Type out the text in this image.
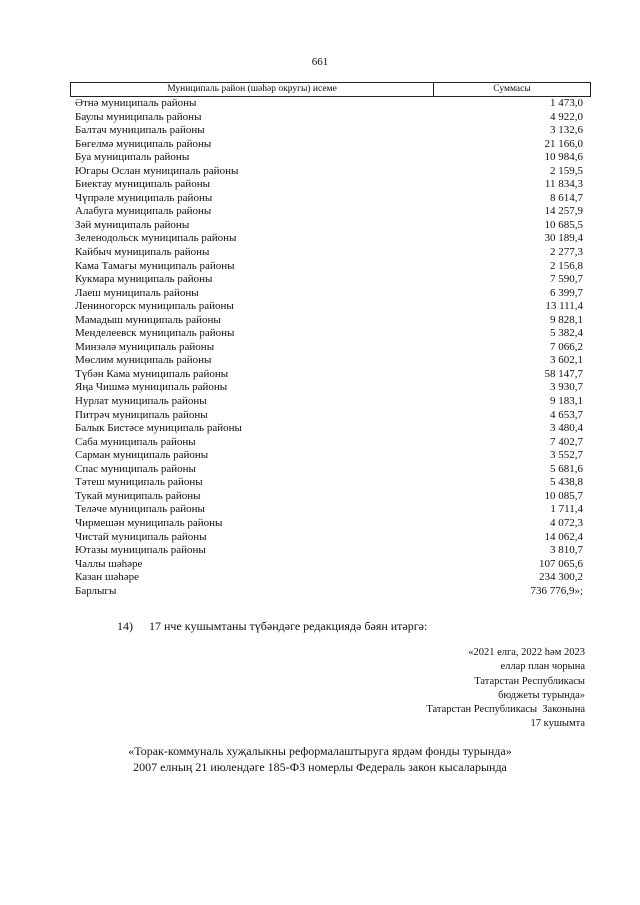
661
Муниципаль район (шәһәр округы) исеме	Суммасы
Әтнә муниципаль районы	1 473,0
Баулы муниципаль районы	4 922,0
Балтач муниципаль районы	3 132,6
Бөгелмә муниципаль районы	21 166,0
Буа муниципаль районы	10 984,6
Югары Ослан муниципаль районы	2 159,5
Биектау муниципаль районы	11 834,3
Чүпрәле муниципаль районы	8 614,7
Алабуга муниципаль районы	14 257,9
Зәй муниципаль районы	10 685,5
Зеленодольск муниципаль районы	30 189,4
Кайбыч муниципаль районы	2 277,3
Кама Тамагы муниципаль районы	2 156,8
Кукмара муниципаль районы	7 590,7
Лаеш муниципаль районы	6 399,7
Лениногорск муниципаль районы	13 111,4
Мамадыш муниципаль районы	9 828,1
Менделеевск муниципаль районы	5 382,4
Минзәлә муниципаль районы	7 066,2
Мөслим муниципаль районы	3 602,1
Түбән Кама муниципаль районы	58 147,7
Яңа Чишмә муниципаль районы	3 930,7
Нурлат муниципаль районы	9 183,1
Питрәч муниципаль районы	4 653,7
Балык Бистәсе муниципаль районы	3 480,4
Саба муниципаль районы	7 402,7
Сарман муниципаль районы	3 552,7
Спас муниципаль районы	5 681,6
Тәтеш муниципаль районы	5 438,8
Тукай муниципаль районы	10 085,7
Теләче муниципаль районы	1 711,4
Чирмешән муниципаль районы	4 072,3
Чистай муниципаль районы	14 062,4
Ютазы муниципаль районы	3 810,7
Чаллы шәһәре	107 065,6
Казан шәһәре	234 300,2
Барлыгы	736 776,9»;
14) 17 нче кушымтаны түбәндәге редакциядә бәян итәргә:
«2021 елга, 2022 һәм 2023
еллар план чорына
Татарстан Республикасы
бюджеты турында»
Татарстан Республикасы  Законына
17 кушымта
«Торак-коммуналь хуҗалыкны реформалаштыруга ярдәм фонды турында»
2007 елның 21 июлендәге 185-ФЗ номерлы Федераль закон кысаларында
